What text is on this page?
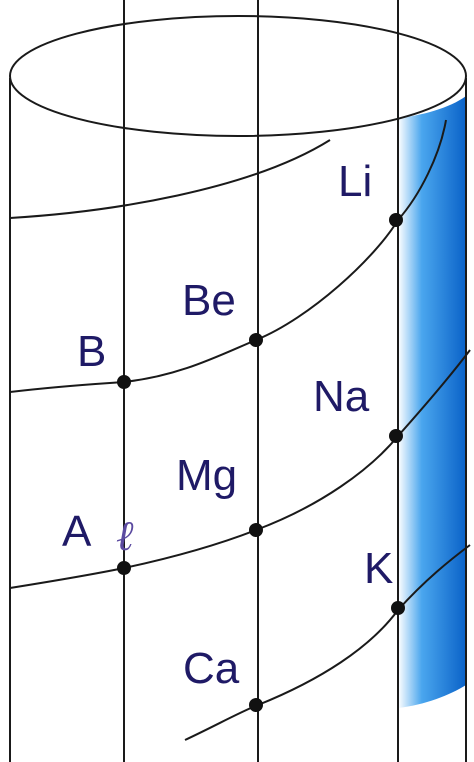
Li
Be
B
Na
Mg
A ℓ
K
Ca
